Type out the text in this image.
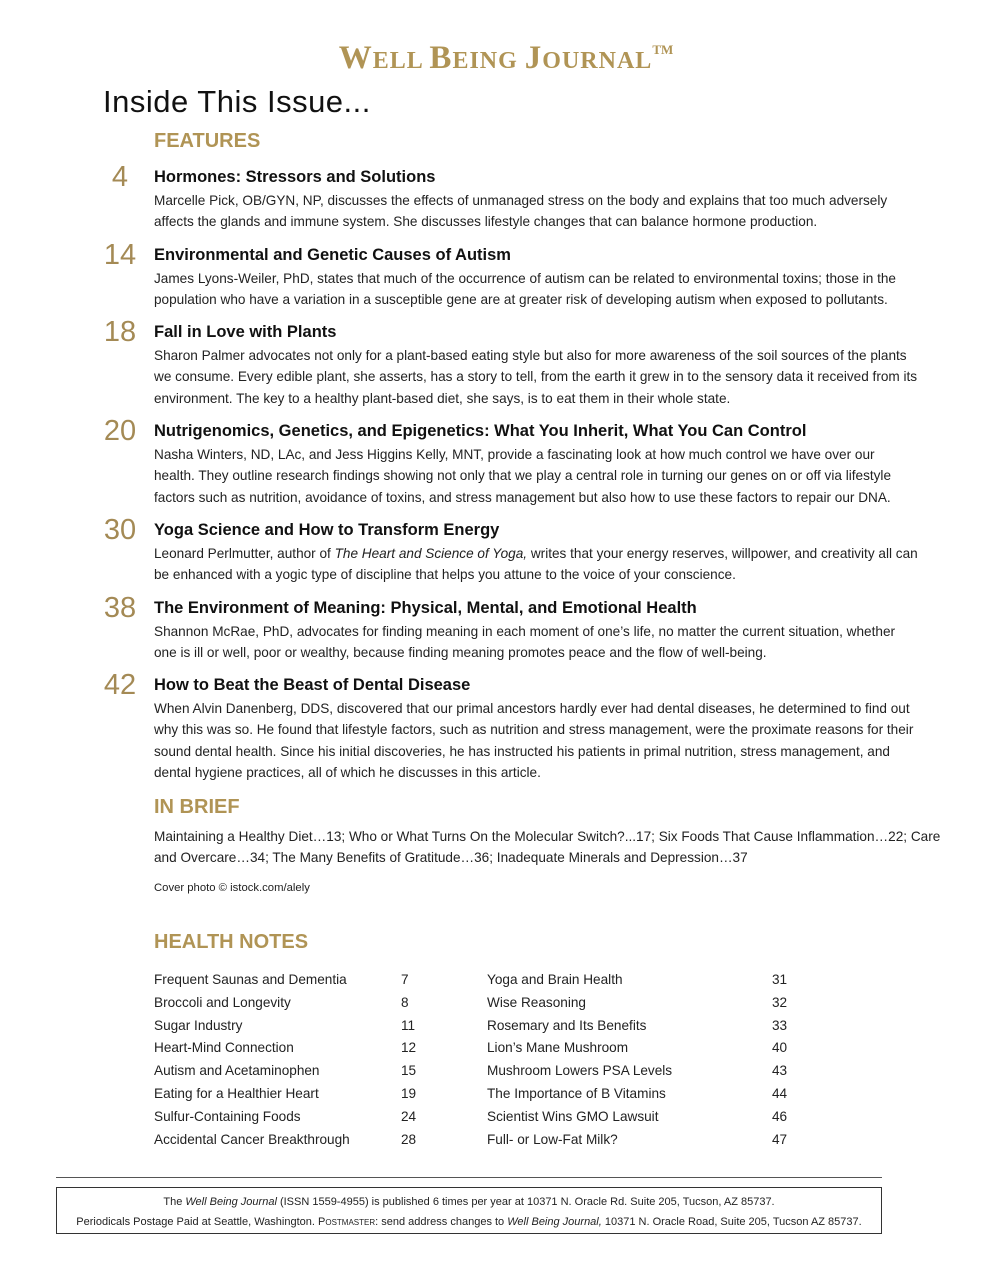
WELL BEING JOURNAL™
Inside This Issue...
FEATURES
4	Hormones: Stressors and Solutions

Marcelle Pick, OB/GYN, NP, discusses the effects of unmanaged stress on the body and explains that too much adversely affects the glands and immune system. She discusses lifestyle changes that can balance hormone production.

14 Environmental and Genetic Causes of Autism

James Lyons-Weiler, PhD, states that much of the occurrence of autism can be related to environmental toxins; those in the population who have a variation in a susceptible gene are at greater risk of developing autism when exposed to pollutants.

18 Fall in Love with Plants

Sharon Palmer advocates not only for a plant-based eating style but also for more awareness of the soil sources of the plants we consume. Every edible plant, she asserts, has a story to tell, from the earth it grew in to the sensory data it received from its environment. The key to a healthy plant-based diet, she says, is to eat them in their whole state.

20 Nutrigenomics, Genetics, and Epigenetics: What You Inherit, What You Can Control

Nasha Winters, ND, LAc, and Jess Higgins Kelly, MNT, provide a fascinating look at how much control we have over our health. They outline research findings showing not only that we play a central role in turning our genes on or off via lifestyle factors such as nutrition, avoidance of toxins, and stress management but also how to use these factors to repair our DNA.

30 Yoga Science and How to Transform Energy

Leonard Perlmutter, author of The Heart and Science of Yoga, writes that your energy reserves, willpower, and creativity all can be enhanced with a yogic type of discipline that helps you attune to the voice of your conscience.

38 The Environment of Meaning: Physical, Mental, and Emotional Health

Shannon McRae, PhD, advocates for finding meaning in each moment of one’s life, no matter the current situation, whether one is ill or well, poor or wealthy, because finding meaning promotes peace and the flow of well-being.

42 How to Beat the Beast of Dental Disease

When Alvin Danenberg, DDS, discovered that our primal ancestors hardly ever had dental diseases, he determined to find out why this was so. He found that lifestyle factors, such as nutrition and stress management, were the proximate reasons for their sound dental health. Since his initial discoveries, he has instructed his patients in primal nutrition, stress management, and dental hygiene practices, all of which he discusses in this article.

IN BRIEF

Maintaining a Healthy Diet…13; Who or What Turns On the Molecular Switch?...17; Six Foods That Cause Inflammation…22; Care and Overcare…34; The Many Benefits of Gratitude…36; Inadequate Minerals and Depression…37

Cover photo © istock.com/alely

HEALTH NOTES
Frequent Saunas and Dementia	7
Broccoli and Longevity	8
Sugar Industry	11
Heart-Mind Connection	12
Autism and Acetaminophen	15
Eating for a Healthier Heart	19
Sulfur-Containing Foods	24
Accidental Cancer Breakthrough	28
Yoga and Brain Health	31
Wise Reasoning	32
Rosemary and Its Benefits	33
Lion’s Mane Mushroom	40
Mushroom Lowers PSA Levels	43
The Importance of B Vitamins	44
Scientist Wins GMO Lawsuit	46
Full- or Low-Fat Milk?	47
The Well Being Journal (ISSN 1559-4955) is published 6 times per year at 10371 N. Oracle Rd. Suite 205, Tucson, AZ 85737.
Periodicals Postage Paid at Seattle, Washington. Postmaster: send address changes to Well Being Journal, 10371 N. Oracle Road, Suite 205, Tucson AZ 85737.
